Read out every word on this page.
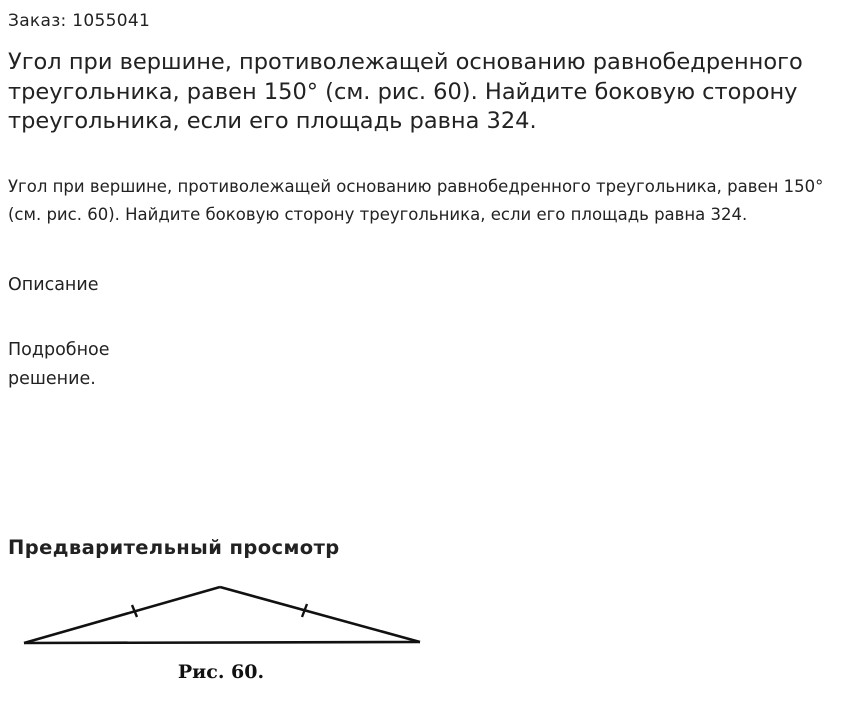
Заказ: 1055041
Угол при вершине, противолежащей основанию равнобедренного треугольника, равен 150° (см. рис. 60). Найдите боковую сторону треугольника, если его площадь равна 324.

Угол при вершине, противолежащей основанию равнобедренного треугольника, равен 150° (см. рис. 60). Найдите боковую сторону треугольника, если его площадь равна 324.

Описание

Подробное решение.

Предварительный просмотр
Рис. 60.
